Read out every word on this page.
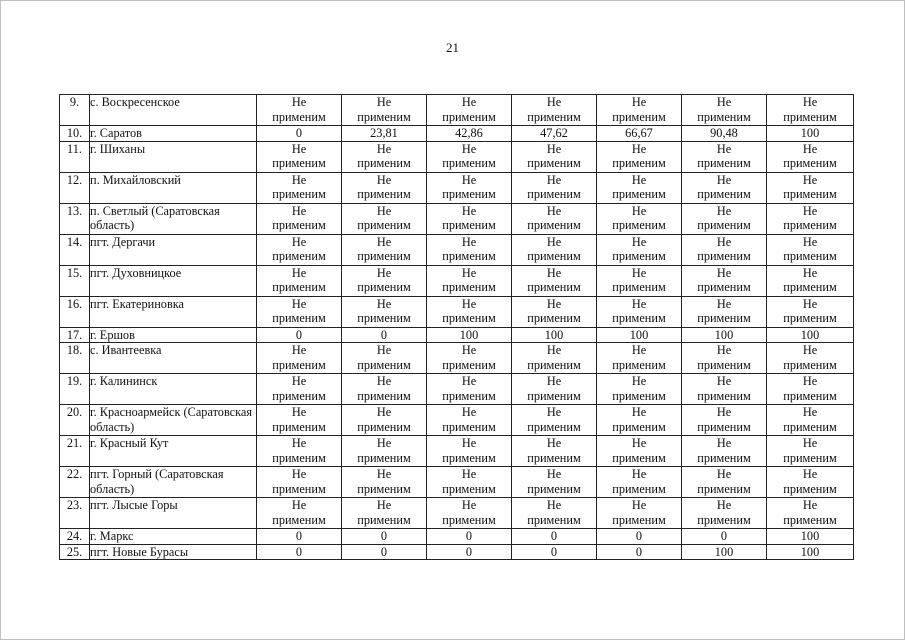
21
9.	с. Воскресенское	Не
применим	Не
применим	Не
применим	Не
применим	Не
применим	Не
применим	Не
применим

10.	г. Саратов	0	23,81	42,86	47,62	66,67	90,48	100
11.	г. Шиханы	Не
применим	Не
применим	Не
применим	Не
применим	Не
применим	Не
применим	Не
применим

12.	п. Михайловский	Не
применим	Не
применим	Не
применим	Не
применим	Не
применим	Не
применим	Не
применим

13.	п. Светлый (Саратовская область)	Не
применим	Не
применим	Не
применим	Не
применим	Не
применим	Не
применим	Не
применим

14.	пгт. Дергачи	Не
применим	Не
применим	Не
применим	Не
применим	Не
применим	Не
применим	Не
применим

15.	пгт. Духовницкое	Не
применим	Не
применим	Не
применим	Не
применим	Не
применим	Не
применим	Не
применим

16.	пгт. Екатериновка	Не
применим	Не
применим	Не
применим	Не
применим	Не
применим	Не
применим	Не
применим

17.	г. Ершов	0	0	100	100	100	100	100
18.	с. Ивантеевка	Не
применим	Не
применим	Не
применим	Не
применим	Не
применим	Не
применим	Не
применим

19.	г. Калининск	Не
применим	Не
применим	Не
применим	Не
применим	Не
применим	Не
применим	Не
применим

20.	г. Красноармейск (Саратовская область)	Не
применим	Не
применим	Не
применим	Не
применим	Не
применим	Не
применим	Не
применим

21.	г. Красный Кут	Не
применим	Не
применим	Не
применим	Не
применим	Не
применим	Не
применим	Не
применим

22.	пгт. Горный (Саратовская область)	Не
применим	Не
применим	Не
применим	Не
применим	Не
применим	Не
применим	Не
применим

23.	пгт. Лысые Горы	Не
применим	Не
применим	Не
применим	Не
применим	Не
применим	Не
применим	Не
применим

24.	г. Маркс	0	0	0	0	0	0	100
25.	пгт. Новые Бурасы	0	0	0	0	0	100	100
